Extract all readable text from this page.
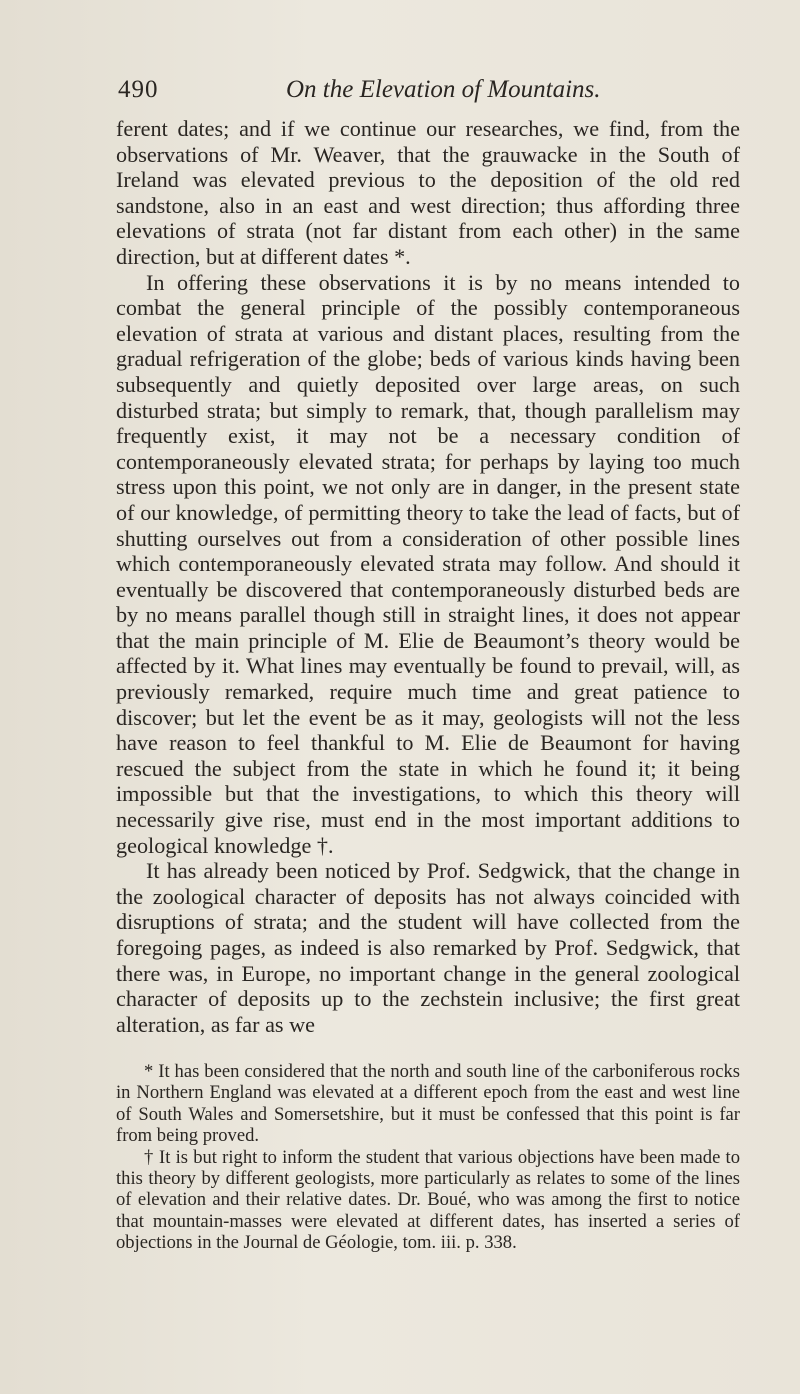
490	On the Elevation of Mountains.

ferent dates; and if we continue our researches, we find, from the observations of Mr. Weaver, that the grauwacke in the South of Ireland was elevated previous to the deposition of the old red sandstone, also in an east and west direction; thus affording three elevations of strata (not far distant from each other) in the same direction, but at different dates *.

In offering these observations it is by no means intended to combat the general principle of the possibly contemporaneous elevation of strata at various and distant places, resulting from the gradual refrigeration of the globe; beds of various kinds having been subsequently and quietly deposited over large areas, on such disturbed strata; but simply to remark, that, though parallelism may frequently exist, it may not be a necessary condition of contemporaneously elevated strata; for perhaps by laying too much stress upon this point, we not only are in danger, in the present state of our knowledge, of permitting theory to take the lead of facts, but of shutting ourselves out from a consideration of other possible lines which contemporaneously elevated strata may follow. And should it eventually be discovered that contemporaneously disturbed beds are by no means parallel though still in straight lines, it does not appear that the main principle of M. Elie de Beaumont’s theory would be affected by it. What lines may eventually be found to prevail, will, as previously remarked, require much time and great patience to discover; but let the event be as it may, geologists will not the less have reason to feel thankful to M. Elie de Beaumont for having rescued the subject from the state in which he found it; it being impossible but that the investigations, to which this theory will necessarily give rise, must end in the most important additions to geological knowledge †.

It has already been noticed by Prof. Sedgwick, that the change in the zoological character of deposits has not always coincided with disruptions of strata; and the student will have collected from the foregoing pages, as indeed is also remarked by Prof. Sedgwick, that there was, in Europe, no important change in the general zoological character of deposits up to the zechstein inclusive; the first great alteration, as far as we

* It has been considered that the north and south line of the carboniferous rocks in Northern England was elevated at a different epoch from the east and west line of South Wales and Somersetshire, but it must be confessed that this point is far from being proved.

† It is but right to inform the student that various objections have been made to this theory by different geologists, more particularly as relates to some of the lines of elevation and their relative dates. Dr. Boué, who was among the first to notice that mountain-masses were elevated at different dates, has inserted a series of objections in the Journal de Géologie, tom. iii. p. 338.
